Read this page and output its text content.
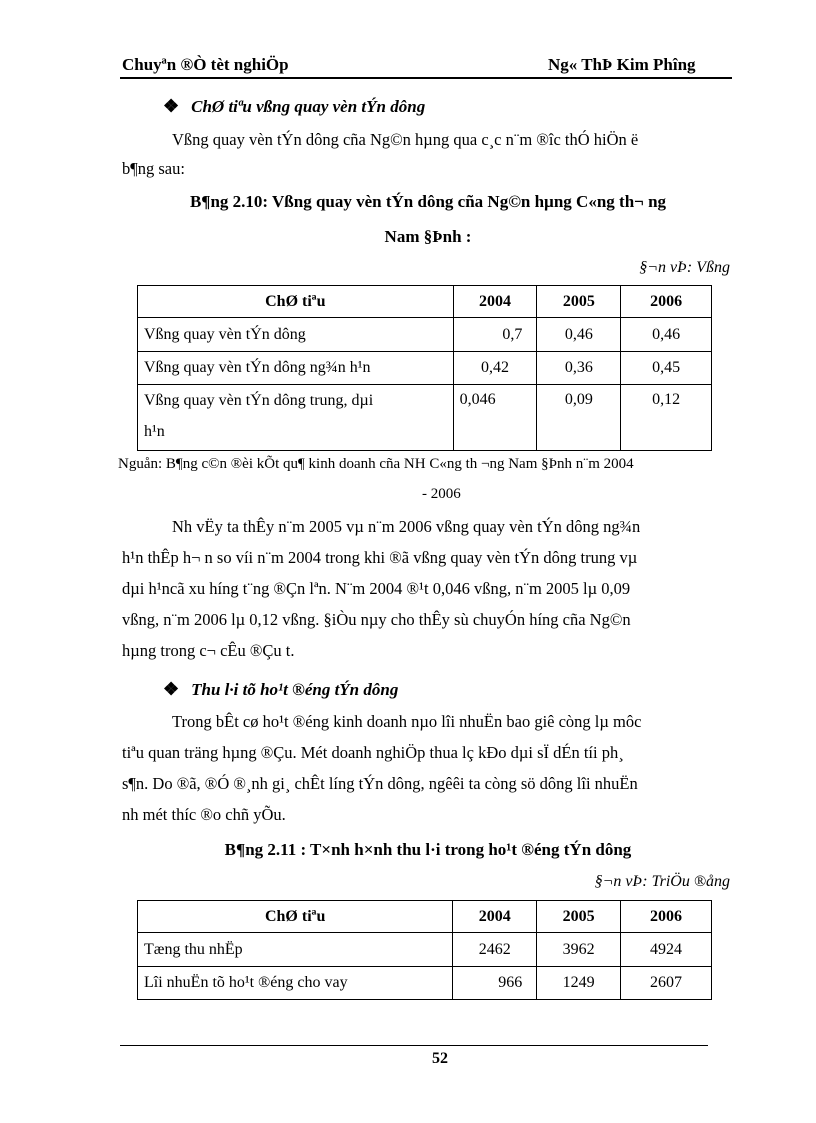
Chuyªn ®Ò tèt nghiÖp	Ng« ThÞ Kim Phîng
❖ ChØ tiªu vßng quay vèn tÝn dông
Vßng quay vèn tÝn dông cña Ng©n hµng qua c¸c n¨m ®îc thÓ hiÖn ë
b¶ng sau:
B¶ng 2.10: Vßng quay vèn tÝn dông cña Ng©n hµng C«ng th¬ ng
Nam §Þnh :
§¬n vÞ: Vßng
ChØ tiªu	2004	2005	2006
Vßng quay vèn tÝn dông	0,7	0,46	0,46
Vßng quay vèn tÝn dông ng¾n h¹n	0,42	0,36	0,45

Vßng quay vèn tÝn dông trung, dµi
h¹n	0,046	0,09	0,12
Nguån: B¶ng c©n ®èi kÕt qu¶ kinh doanh cña NH C«ng th ¬ng Nam §Þnh n¨m 2004
- 2006
Nh vËy ta thÊy n¨m 2005 vµ n¨m 2006 vßng quay vèn tÝn dông ng¾n
h¹n thÊp h¬ n so víi n¨m 2004 trong khi ®ã vßng quay vèn tÝn dông trung vµ
dµi h¹ncã xu híng t¨ng ®Çn lªn. N¨m 2004 ®¹t 0,046 vßng, n¨m 2005 lµ 0,09
vßng, n¨m 2006 lµ 0,12 vßng. §iÒu nµy cho thÊy sù chuyÓn híng cña Ng©n
hµng trong c¬ cÊu ®Çu t.
❖ Thu l·i tõ ho¹t ®éng tÝn dông
Trong bÊt cø ho¹t ®éng kinh doanh nµo lîi nhuËn bao giê còng lµ môc
tiªu quan träng hµng ®Çu. Mét doanh nghiÖp thua lç kÐo dµi sÏ dÉn tíi ph¸
s¶n. Do ®ã, ®Ó ®¸nh gi¸ chÊt líng tÝn dông, ngêêi ta còng sö dông lîi nhuËn
nh mét thíc ®o chñ yÕu.
B¶ng 2.11 : T×nh h×nh thu l·i trong ho¹t ®éng tÝn dông
§¬n vÞ: TriÖu ®ång
ChØ tiªu	2004	2005	2006
Tæng thu nhËp	2462	3962	4924
Lîi nhuËn tõ ho¹t ®éng cho vay	966	1249	2607
52
